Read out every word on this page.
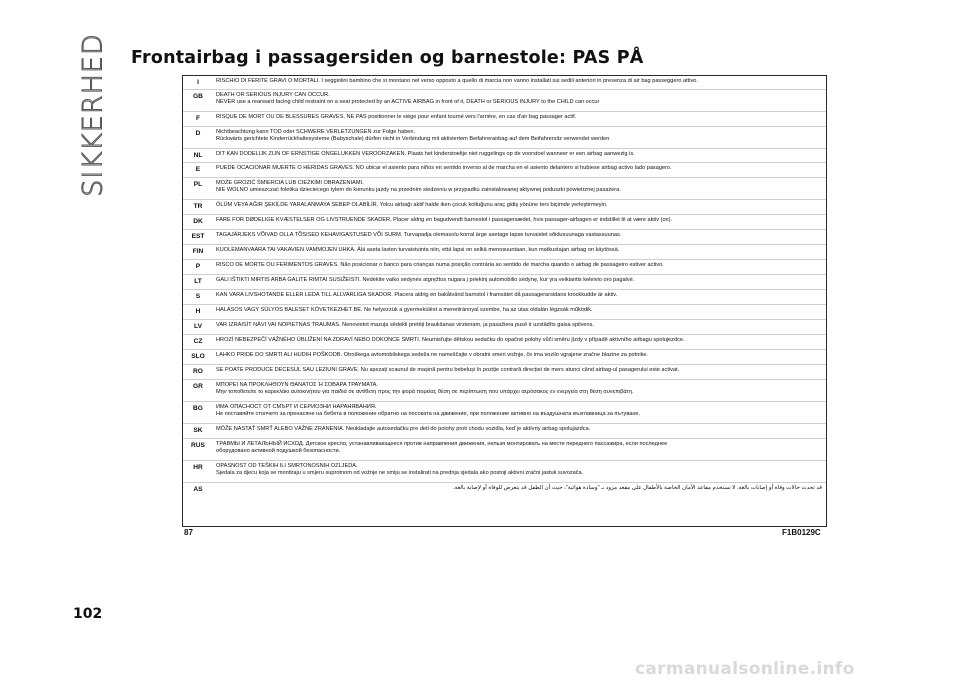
SIKKERHED Frontairbag i passagersiden og barnestole: PAS PÅ
I	RISCHIO DI FERITE GRAVI O MORTALI. I seggiolini bambino che si montano nel verso opposto a quello di marcia non vanno installati sui sedili anteriori in presenza di air bag passeggero attivo.
GB	DEATH OR SERIOUS INJURY CAN OCCUR.
NEVER use a rearward facing child restraint on a seat protected by an ACTIVE AIRBAG in front of it, DEATH or SERIOUS INJURY to the CHILD can occur
F	RISQUE DE MORT OU DE BLESSURES GRAVES. NE PAS positionner le siège pour enfant tourné vers l'arrière, en cas d'air bag passager actif.
D	Nichtbeachtung kann TOD oder SCHWERE VERLETZUNGEN zur Folge haben.
Rückwärts gerichtete Kinderrückhaltesysteme (Babyschale) dürfen nicht in Verbindung mit aktiviertem Beifahrerairbag auf dem Beifahrersitz verwendet werden
NL	DIT KAN DODELIJK ZIJN OF ERNSTIGE ONGELUKKEN VEROORZAKEN. Plaats het kinderstoeltje niet ruggelings op de voorstoel wanneer er een airbag aanwezig is.
E	PUEDE OCACIONAR MUERTE O HERIDAS GRAVES. NO ubicar el asiento para niños en sentido inverso al de marcha en el asiento delantero si hubiese airbag activo lado pasagero.
PL	MOŻE GROZIĆ ŚMIERCIA LUB CIEŻKIMI OBRAŻENIAMI.
NIE WOLNO umieszczać foletika dzieciecego tylem do kierunku jazdy na przednim siedzeniu w przypadku zainstalowanej aktywnej poduszki powietrznej pasażera.
TR	ÖLÜM VEYA AĞIR ŞEKİLDE YARALANMAYA SEBEP OLABİLİR. Yolcu airbağı aktif halde iken çocuk koltuğunu araç gidiş yönüne ters biçimde yerleştirmeyin.
DK	FARE FOR DØDELIGE KVÆSTELSER OG LIVSTRUENDE SKADER. Placer aldrig en bagudvendt barnestol i passagersædet, hvis passager-airbagen er indstillet til at være aktiv (on).
EST	TAGAJÄRJEKS VÕIVAD OLLA TÕSISED KEHAVIGASTUSED VÕI SURM. Turvapadja olemasolu korral ärge asetage lapse turvaistet sõidusuunaga vastassuunas.
FIN	KUOLEMANVAARA TAI VAKAVIEN VAMMOJEN UHKA. Älä aseta lasten turvaistuinta niin, että lapsi on selkä menosuuntaan, kun matkustajan airbag on käytössä.
P	RISCO DE MORTE OU FERIMENTOS GRAVES. Não posicionar o banco para crianças numa posição contrária ao sentido de marcha quando o airbag de passageiro estiver activo.
LT	GALI IŠTIKTI MIRTIS ARBA GALITE RIMTAI SUSIŽEISTI. Nedėkite vaiko sėdynės atgręžtos nugara į priekinį automobilio sėdynę, kur yra veikiantis keleivio oro pagalvė.
S	KAN VARA LIVSHOTANDE ELLER LEDA TILL ALLVARLIGA SKADOR. Placera aldrig en bakåtvänd barnstol i framsätet då passagerarsidans krockkudde är aktiv.
H	HALÁSOS VAGY SÚLYOS BALESET KÖVETKEZHET BE. Ne helyezzük a gyermekülést a menetiránnyal szembe, ha az utas oldalán légzsák működik.
LV	VAR IZRAISĪT NĀVI VAI NOPIETNAS TRAUMAS. Nenovietot mazuļa sēdekli pretēji braukšanas virzienam, ja pasažiera pusē ir uzstādīts gaisa spilvens.
CZ	HROZÍ NEBEZPEČÍ VÁŽNÉHO ÚBLÍŽENÍ NA ZDRAVÍ NEBO DOKONCE SMRTI. Neumisťujte dětskou sedačku do opačné polohy vůči směru jízdy v případě aktivního airbagu spolujezdce.
SLO	LAHKO PRIDE DO SMRTI ALI HUDIH POŠKODB. Otroškega avtomobilskega sedeža ne nameščajte v obratni smeri vožnje, če ima vozilo vgrajene zračne blazine za potnike.
RO	SE POATE PRODUCE DECESUL SAU LEZIUNI GRAVE. Nu așezați scaunul de mașină pentru bebeluși în poziție contrară direcției de mers atunci când airbag-ul pasagerului este activat.
GR	ΜΠΟΡΕΙ ΝΑ ΠΡΟΚΛΗΘΟΥΝ ΘΑΝΑΤΟΣ Ή ΣΟΒΑΡΑ ΤΡΑΥΜΑΤΑ.
Μην τοποθετείτε το καρεκλάκι αυτοκινήτου για παιδιά σε αντίθετη προς την φορά πορείας θέση σε περίπτωση που υπάρχει αερόσακος εν ενεργεία στη θέση συνεπιβάτη.
BG	ИМА ОПАСНОСТ ОТ СМЪРТ И СЕРИОЗНИ НАРАНЯВАНИЯ.
Не поставяйте столчето за пренасяне на бебета в положение обратно на посоката на движение, при положение активно на въздушната възглавница за пътуване.
SK	MÔŽE NASTAŤ SMRŤ ALEBO VÁŽNE ZRANENIA. Neukladajte autosedačku pre deti do polohy proti chodu vozidla, keď je aktívny airbag spolujazdca.
RUS	ТРАВМЫ И ЛЕТАЛЬНЫЙ ИСХОД. Детское кресло, устанавливающееся против направления движения, нельзя монтировать на месте переднего пассажира, если последнее
оборудовано активной подушкой безопасности.
HR	OPASNOST OD TEŠKIH ILI SMRTONOSNIH OZLJEDA.
Sjedala za djecu koja se montiraju u smjeru suprotnom od vožnje ne smiju se instalirati na prednja sjedala ako postoji aktivni zračni jastuk suvozača.
AS	قد تحدث حالات وفاة أو إصابات بالغة. لا تستخدم مقاعد الأمان الخاصة بالأطفال على مقعد مزود بـ "وسادة هوائية"، حيث أن الطفل قد يتعرض للوفاة أو لإصابة بالغة.
87	F1B0129C
102
carmanualsonline.info
